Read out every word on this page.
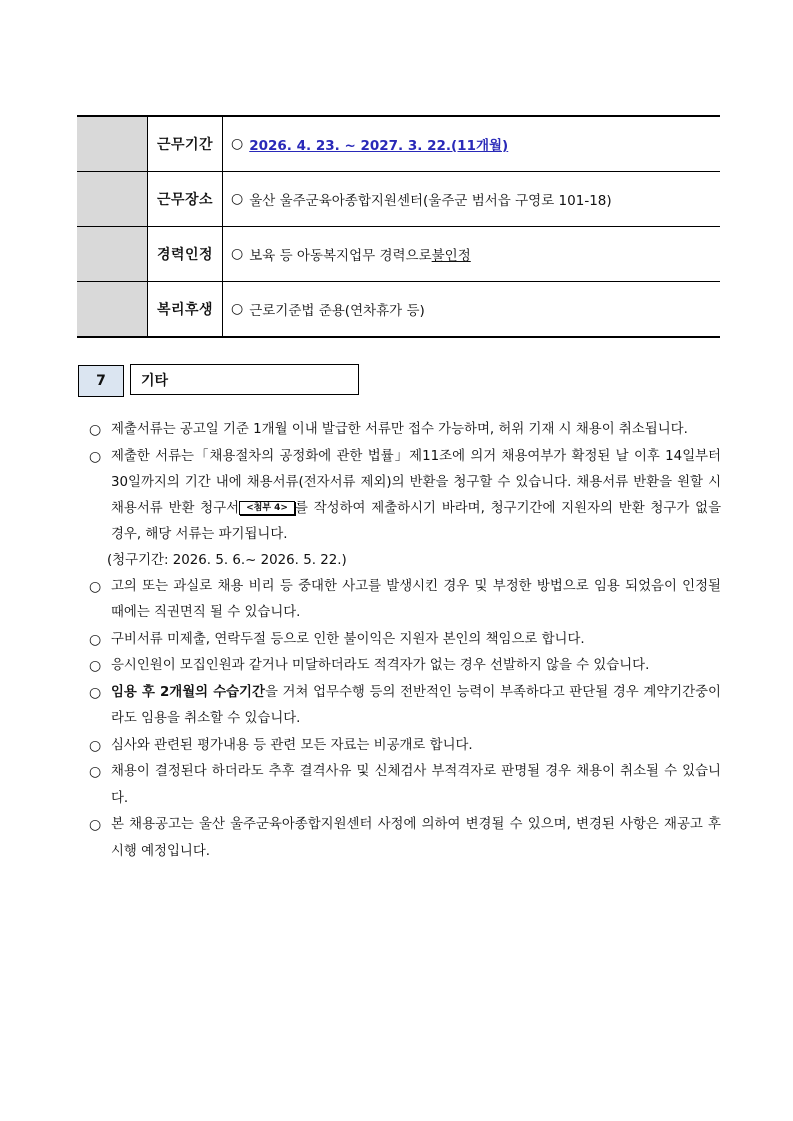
근무기간	○ 2026. 4. 23. ~ 2027. 3. 22.(11개월)
근무장소	○ 울산 울주군육아종합지원센터(울주군 범서읍 구영로 101-18)
경력인정	○ 보육 등 아동복지업무 경력으로 불인정
복리후생	○ 근로기준법 준용(연차휴가 등)
7	기타
○ 제출서류는 공고일 기준 1개월 이내 발급한 서류만 접수 가능하며, 허위 기재 시 채용이 취소됩니다.
○ 제출한 서류는「채용절차의 공정화에 관한 법률」제11조에 의거 채용여부가 확정된 날 이후 14일부터 30일까지의 기간 내에 채용서류(전자서류 제외)의 반환을 청구할 수 있습니다. 채용서류 반환을 원할 시 채용서류 반환 청구서 <첨부 4> 를 작성하여 제출하시기 바라며, 청구기간에 지원자의 반환 청구가 없을 경우, 해당 서류는 파기됩니다.
(청구기간: 2026. 5. 6.~ 2026. 5. 22.)
○ 고의 또는 과실로 채용 비리 등 중대한 사고를 발생시킨 경우 및 부정한 방법으로 임용 되었음이 인정될 때에는 직권면직 될 수 있습니다.
○ 구비서류 미제출, 연락두절 등으로 인한 불이익은 지원자 본인의 책임으로 합니다.
○ 응시인원이 모집인원과 같거나 미달하더라도 적격자가 없는 경우 선발하지 않을 수 있습니다.
○ 임용 후 2개월의 수습기간을 거쳐 업무수행 등의 전반적인 능력이 부족하다고 판단될 경우 계약기간중이라도 임용을 취소할 수 있습니다.
○ 심사와 관련된 평가내용 등 관련 모든 자료는 비공개로 합니다.
○ 채용이 결정된다 하더라도 추후 결격사유 및 신체검사 부적격자로 판명될 경우 채용이 취소될 수 있습니다.
○ 본 채용공고는 울산 울주군육아종합지원센터 사정에 의하여 변경될 수 있으며, 변경된 사항은 재공고 후 시행 예정입니다.
